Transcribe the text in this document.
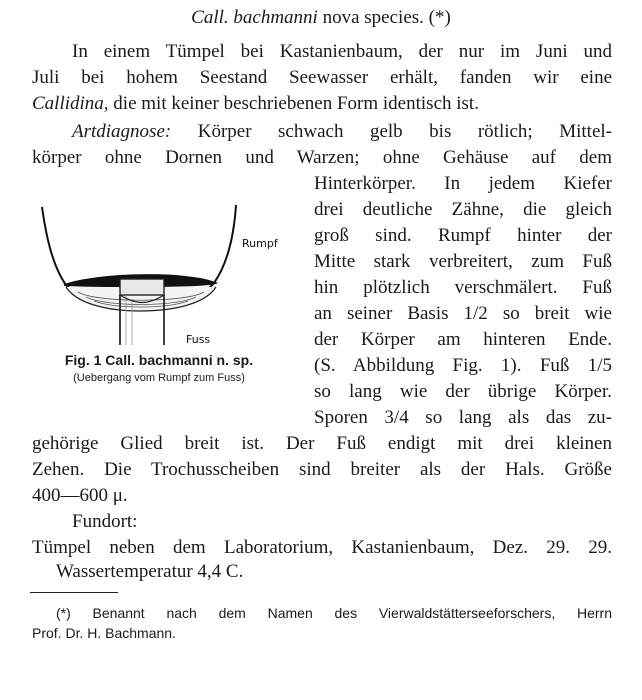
Call. bachmanni nova species. (*)
In einem Tümpel bei Kastanienbaum, der nur im Juni und
Juli bei hohem Seestand Seewasser erhält, fanden wir eine
Callidina, die mit keiner beschriebenen Form identisch ist.
Artdiagnose: Körper schwach gelb bis rötlich; Mittel-
körper ohne Dornen und Warzen; ohne Gehäuse auf dem
Hinterkörper. In jedem Kiefer
drei deutliche Zähne, die gleich
groß sind. Rumpf hinter der
Mitte stark verbreitert, zum Fuß
hin plötzlich verschmälert. Fuß
an seiner Basis 1/2 so breit wie
der Körper am hinteren Ende.
(S. Abbildung Fig. 1). Fuß 1/5
so lang wie der übrige Körper.
Sporen 3/4 so lang als das zu-
gehörige Glied breit ist. Der Fuß endigt mit drei kleinen
Zehen. Die Trochusscheiben sind breiter als der Hals. Größe
400—600 μ.
Fundort:
Tümpel neben dem Laboratorium, Kastanienbaum, Dez. 29. 29.
Wassertemperatur 4,4 C.
Rumpf
Fuss
Fig. 1 Call. bachmanni n. sp.
(Uebergang vom Rumpf zum Fuss)
(*) Benannt nach dem Namen des Vierwaldstätterseeforschers, Herrn
Prof. Dr. H. Bachmann.
